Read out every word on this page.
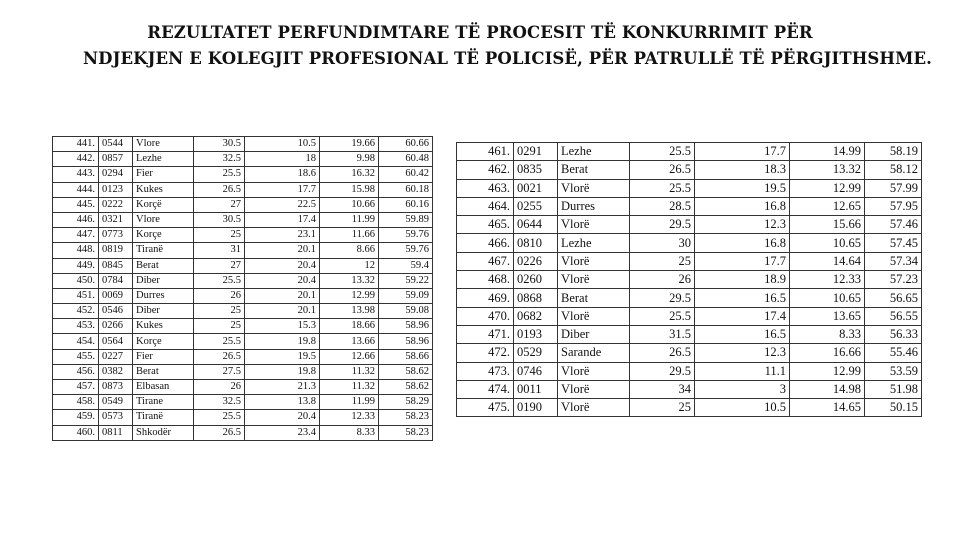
REZULTATET PERFUNDIMTARE TË PROCESIT TË KONKURRIMIT PËR
NDJEKJEN E KOLEGJIT PROFESIONAL TË POLICISË, PËR PATRULLË TË PËRGJITHSHME.
441.	0544	Vlore	30.5	10.5	19.66	60.66
442.	0857	Lezhe	32.5	18	9.98	60.48
443.	0294	Fier	25.5	18.6	16.32	60.42
444.	0123	Kukes	26.5	17.7	15.98	60.18
445.	0222	Korçë	27	22.5	10.66	60.16
446.	0321	Vlore	30.5	17.4	11.99	59.89
447.	0773	Korçe	25	23.1	11.66	59.76
448.	0819	Tiranë	31	20.1	8.66	59.76
449.	0845	Berat	27	20.4	12	59.4
450.	0784	Diber	25.5	20.4	13.32	59.22
451.	0069	Durres	26	20.1	12.99	59.09
452.	0546	Diber	25	20.1	13.98	59.08
453.	0266	Kukes	25	15.3	18.66	58.96
454.	0564	Korçe	25.5	19.8	13.66	58.96
455.	0227	Fier	26.5	19.5	12.66	58.66
456.	0382	Berat	27.5	19.8	11.32	58.62
457.	0873	Elbasan	26	21.3	11.32	58.62
458.	0549	Tirane	32.5	13.8	11.99	58.29
459.	0573	Tiranë	25.5	20.4	12.33	58.23
460.	0811	Shkodër	26.5	23.4	8.33	58.23
461.	0291	Lezhe	25.5	17.7	14.99	58.19
462.	0835	Berat	26.5	18.3	13.32	58.12
463.	0021	Vlorë	25.5	19.5	12.99	57.99
464.	0255	Durres	28.5	16.8	12.65	57.95
465.	0644	Vlorë	29.5	12.3	15.66	57.46
466.	0810	Lezhe	30	16.8	10.65	57.45
467.	0226	Vlorë	25	17.7	14.64	57.34
468.	0260	Vlorë	26	18.9	12.33	57.23
469.	0868	Berat	29.5	16.5	10.65	56.65
470.	0682	Vlorë	25.5	17.4	13.65	56.55
471.	0193	Diber	31.5	16.5	8.33	56.33
472.	0529	Sarande	26.5	12.3	16.66	55.46
473.	0746	Vlorë	29.5	11.1	12.99	53.59
474.	0011	Vlorë	34	3	14.98	51.98
475.	0190	Vlorë	25	10.5	14.65	50.15
